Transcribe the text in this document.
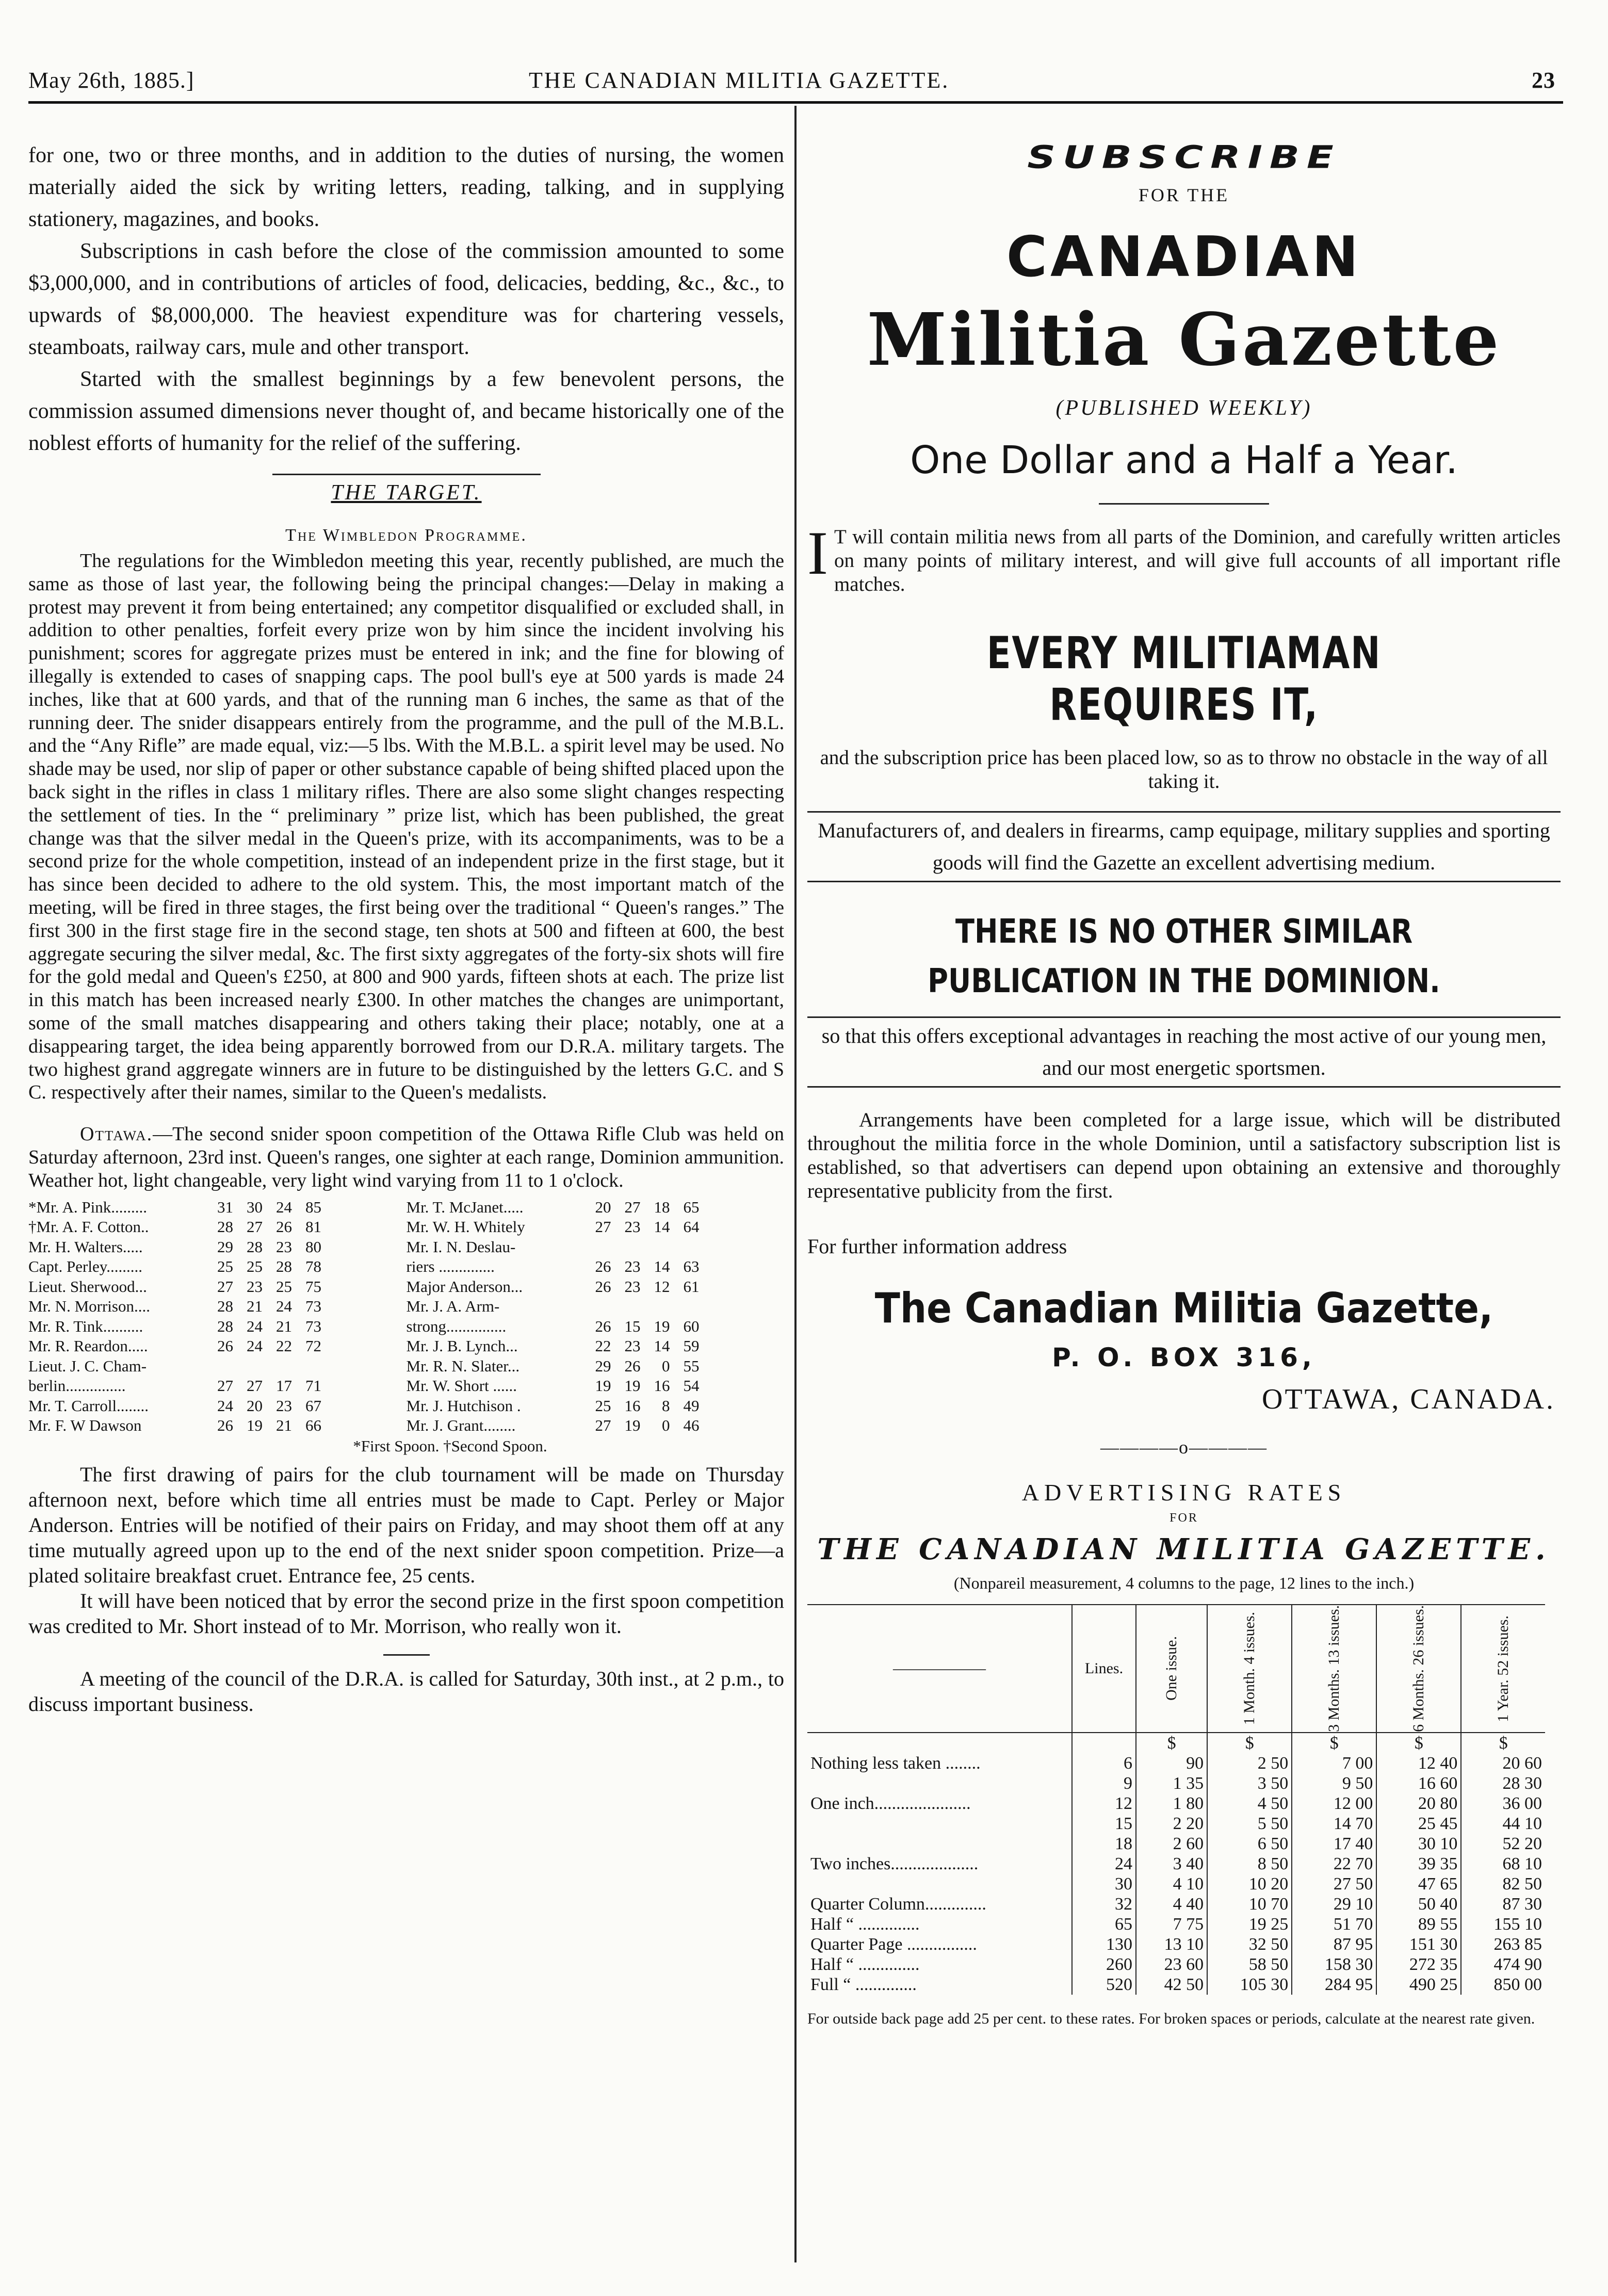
May 26th, 1885.]	THE CANADIAN MILITIA GAZETTE.	23

for one, two or three months, and in addition to the duties of nursing, the women materially aided the sick by writing letters, reading, talking, and in supplying stationery, magazines, and books.

Subscriptions in cash before the close of the commission amounted to some $3,000,000, and in contributions of articles of food, delicacies, bedding, &c., &c., to upwards of $8,000,000. The heaviest expenditure was for chartering vessels, steamboats, railway cars, mule and other transport.

Started with the smallest beginnings by a few benevolent persons, the commission assumed dimensions never thought of, and became historically one of the noblest efforts of humanity for the relief of the suffering.

THE TARGET.
The Wimbledon Programme.

The regulations for the Wimbledon meeting this year, recently published, are much the same as those of last year, the following being the principal changes:—Delay in making a protest may prevent it from being entertained; any competitor disqualified or excluded shall, in addition to other penalties, forfeit every prize won by him since the incident involving his punishment; scores for aggregate prizes must be entered in ink; and the fine for blowing of illegally is extended to cases of snapping caps. The pool bull's eye at 500 yards is made 24 inches, like that at 600 yards, and that of the running man 6 inches, the same as that of the running deer. The snider disappears entirely from the programme, and the pull of the M.B.L. and the “Any Rifle” are made equal, viz:—5 lbs. With the M.B.L. a spirit level may be used. No shade may be used, nor slip of paper or other substance capable of being shifted placed upon the back sight in the rifles in class 1 military rifles. There are also some slight changes respecting the settlement of ties. In the “ preliminary ” prize list, which has been published, the great change was that the silver medal in the Queen's prize, with its accompaniments, was to be a second prize for the whole competition, instead of an independent prize in the first stage, but it has since been decided to adhere to the old system. This, the most important match of the meeting, will be fired in three stages, the first being over the traditional “ Queen's ranges.” The first 300 in the first stage fire in the second stage, ten shots at 500 and fifteen at 600, the best aggregate securing the silver medal, &c. The first sixty aggregates of the forty-six shots will fire for the gold medal and Queen's £250, at 800 and 900 yards, fifteen shots at each. The prize list in this match has been increased nearly £300. In other matches the changes are unimportant, some of the small matches disappearing and others taking their place; notably, one at a disappearing target, the idea being apparently borrowed from our D.R.A. military targets. The two highest grand aggregate winners are in future to be distinguished by the letters G.C. and S C. respectively after their names, similar to the Queen's medalists.

Ottawa.—The second snider spoon competition of the Ottawa Rifle Club was held on Saturday afternoon, 23rd inst. Queen's ranges, one sighter at each range, Dominion ammunition. Weather hot, light changeable, very light wind varying from 11 to 1 o'clock.

*Mr. A. Pink.........	31 30 24 85
†Mr. A. F. Cotton..	28 27 26 81
Mr. H. Walters.....	29 28 23 80
Capt. Perley.........	25 25 28 78
Lieut. Sherwood...	27 23 25 75
Mr. N. Morrison....	28 21 24 73
Mr. R. Tink..........	28 24 21 73
Mr. R. Reardon.....	26 24 22 72
Lieut. J. C. Cham-
berlin...............	27 27 17 71
Mr. T. Carroll........	24 20 23 67
Mr. F. W Dawson	26 19 21 66
Mr. T. McJanet.....	20 27 18 65
Mr. W. H. Whitely	27 23 14 64
Mr. I. N. Deslau-
riers ..............	26 23 14 63
Major Anderson...	26 23 12 61
Mr. J. A. Arm-
strong...............	26 15 19 60
Mr. J. B. Lynch...	22 23 14 59
Mr. R. N. Slater...	29 26	0 55
Mr. W. Short ......	19 19 16 54
Mr. J. Hutchison .	25 16	8 49
Mr. J. Grant........	27 19	0 46
*First Spoon. †Second Spoon.

The first drawing of pairs for the club tournament will be made on Thursday afternoon next, before which time all entries must be made to Capt. Perley or Major Anderson. Entries will be notified of their pairs on Friday, and may shoot them off at any time mutually agreed upon up to the end of the next snider spoon competition. Prize—a plated solitaire breakfast cruet. Entrance fee, 25 cents.

It will have been noticed that by error the second prize in the first spoon competition was credited to Mr. Short instead of to Mr. Morrison, who really won it.

A meeting of the council of the D.R.A. is called for Saturday, 30th inst., at 2 p.m., to discuss important business.

SUBSCRIBE
FOR THE
CANADIAN
Militia Gazette
(PUBLISHED WEEKLY)
One Dollar and a Half a Year.

I T will contain militia news from all parts of the Dominion, and carefully written articles on many points of military interest, and will give full accounts of all important rifle matches.

EVERY MILITIAMAN REQUIRES IT,

and the subscription price has been placed low, so as to throw no obstacle in the way of all taking it.

Manufacturers of, and dealers in firearms, camp equipage, military supplies and sporting goods will find the Gazette an excellent advertising medium.

THERE IS NO OTHER SIMILAR PUBLICATION IN THE DOMINION.

so that this offers exceptional advantages in reaching the most active of our young men, and our most energetic sportsmen.

Arrangements have been completed for a large issue, which will be distributed throughout the militia force in the whole Dominion, until a satisfactory subscription list is established, so that advertisers can depend upon obtaining an extensive and thoroughly representative publicity from the first.

For further information address

The Canadian Militia Gazette,
P. O. BOX 316,
OTTAWA, CANADA.
————o————
ADVERTISING RATES
FOR
THE CANADIAN MILITIA GAZETTE.
(Nonpareil measurement, 4 columns to the page, 12 lines to the inch.)
——————	Lines.	One issue.	1 Month. 4 issues.	3 Months. 13 issues.	6 Months. 26 issues.	1 Year. 52 issues.

		$	$	$	$	$
Nothing less taken ........	6	90	2 50	7 00	12 40	20 60
	9	1 35	3 50	9 50	16 60	28 30
One inch......................	12	1 80	4 50	12 00	20 80	36 00
	15	2 20	5 50	14 70	25 45	44 10
	18	2 60	6 50	17 40	30 10	52 20
Two inches....................	24	3 40	8 50	22 70	39 35	68 10
	30	4 10	10 20	27 50	47 65	82 50
Quarter Column..............	32	4 40	10 70	29 10	50 40	87 30
Half “ ..............	65	7 75	19 25	51 70	89 55	155 10
Quarter Page ................	130	13 10	32 50	87 95	151 30	263 85
Half “ ..............	260	23 60	58 50	158 30	272 35	474 90
Full “ ..............	520	42 50	105 30	284 95	490 25	850 00

For outside back page add 25 per cent. to these rates. For broken spaces or periods, calculate at the nearest rate given.
